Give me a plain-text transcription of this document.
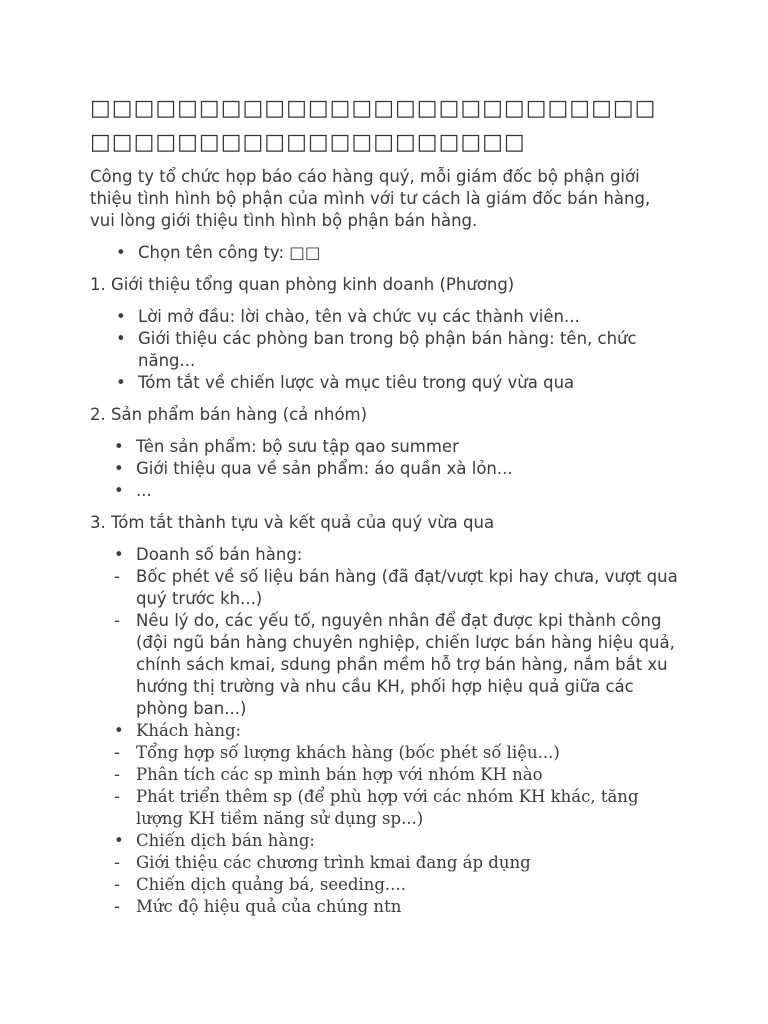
□□□□□□□□□□□□□□□□□□□□□□□□□□□□□□□□□□□□□□□□□□□□□□

Công ty tổ chức họp báo cáo hàng quý, mỗi giám đốc bộ phận giới thiệu tình hình bộ phận của mình với tư cách là giám đốc bán hàng, vui lòng giới thiệu tình hình bộ phận bán hàng.

• Chọn tên công ty: □□
1. Giới thiệu tổng quan phòng kinh doanh (Phương)
• Lời mở đầu: lời chào, tên và chức vụ các thành viên...
• Giới thiệu các phòng ban trong bộ phận bán hàng: tên, chức năng...
• Tóm tắt về chiến lược và mục tiêu trong quý vừa qua
2. Sản phẩm bán hàng (cả nhóm)
• Tên sản phẩm: bộ sưu tập qao summer
• Giới thiệu qua về sản phẩm: áo quần xà lỏn...
• ...
3. Tóm tắt thành tựu và kết quả của quý vừa qua
• Doanh số bán hàng:
- Bốc phét về số liệu bán hàng (đã đạt/vượt kpi hay chưa, vượt qua quý trước kh...)
- Nêu lý do, các yếu tố, nguyên nhân để đạt được kpi thành công (đội ngũ bán hàng chuyên nghiệp, chiến lược bán hàng hiệu quả, chính sách kmai, sdung phần mềm hỗ trợ bán hàng, nắm bắt xu hướng thị trường và nhu cầu KH, phối hợp hiệu quả giữa các phòng ban...)
• Khách hàng:
- Tổng hợp số lượng khách hàng (bốc phét số liệu...)
- Phân tích các sp mình bán hợp với nhóm KH nào
- Phát triển thêm sp (để phù hợp với các nhóm KH khác, tăng lượng KH tiềm năng sử dụng sp...)
• Chiến dịch bán hàng:
- Giới thiệu các chương trình kmai đang áp dụng
- Chiến dịch quảng bá, seeding....
- Mức độ hiệu quả của chúng ntn
